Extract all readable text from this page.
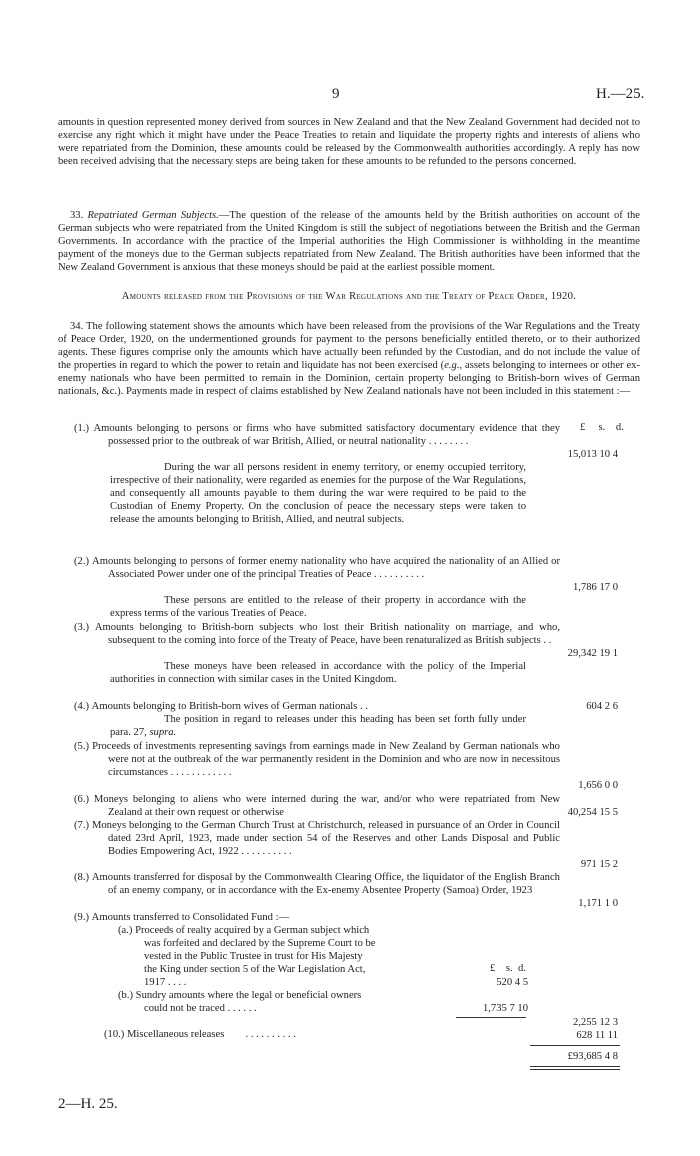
9	H.—25.

amounts in question represented money derived from sources in New Zealand and that the New Zealand Government had decided not to exercise any right which it might have under the Peace Treaties to retain and liquidate the property rights and interests of aliens who were repatriated from the Dominion, these amounts could be released by the Commonwealth authorities accordingly. A reply has now been received advising that the necessary steps are being taken for these amounts to be refunded to the persons concerned.

33. Repatriated German Subjects.—The question of the release of the amounts held by the British authorities on account of the German subjects who were repatriated from the United Kingdom is still the subject of negotiations between the British and the German Governments. In accordance with the practice of the Imperial authorities the High Commissioner is withholding in the meantime payment of the moneys due to the German subjects repatriated from New Zealand. The British authorities have been informed that the New Zealand Government is anxious that these moneys should be paid at the earliest possible moment.

Amounts released from the Provisions of the War Regulations and the Treaty of Peace Order, 1920.

34. The following statement shows the amounts which have been released from the provisions of the War Regulations and the Treaty of Peace Order, 1920, on the undermentioned grounds for payment to the persons beneficially entitled thereto, or to their authorized agents. These figures comprise only the amounts which have actually been refunded by the Custodian, and do not include the value of the properties in regard to which the power to retain and liquidate has not been exercised (e.g., assets belonging to internees or other ex-enemy nationals who have been permitted to remain in the Dominion, certain property belonging to British-born wives of German nationals, &c.). Payments made in respect of claims established by New Zealand nationals have not been included in this statement :—

£ s. d.

(1.) Amounts belonging to persons or firms who have submitted satisfactory documentary evidence that they possessed prior to the outbreak of war British, Allied, or neutral nationality . . . . . . . .

15,013 10 4

During the war all persons resident in enemy territory, or enemy occupied territory, irrespective of their nationality, were regarded as enemies for the purpose of the War Regulations, and consequently all amounts payable to them during the war were required to be paid to the Custodian of Enemy Property. On the conclusion of peace the necessary steps were taken to release the amounts belonging to British, Allied, and neutral subjects.

(2.) Amounts belonging to persons of former enemy nationality who have acquired the nationality of an Allied or Associated Power under one of the principal Treaties of Peace . . . . . . . . . .

1,786 17 0

These persons are entitled to the release of their property in accordance with the express terms of the various Treaties of Peace.

(3.) Amounts belonging to British-born subjects who lost their British nationality on marriage, and who, subsequent to the coming into force of the Treaty of Peace, have been renaturalized as British subjects . .

29,342 19 1

These moneys have been released in accordance with the policy of the Imperial authorities in connection with similar cases in the United Kingdom.

(4.) Amounts belonging to British-born wives of German nationals . .	604 2 6

The position in regard to releases under this heading has been set forth fully under para. 27, supra.

(5.) Proceeds of investments representing savings from earnings made in New Zealand by German nationals who were not at the outbreak of the war permanently resident in the Dominion and who are now in necessitous circumstances . . . . . . . . . . . .

1,656 0 0

(6.) Moneys belonging to aliens who were interned during the war, and/or who were repatriated from New Zealand at their own request or otherwise	40,254 15 5

(7.) Moneys belonging to the German Church Trust at Christchurch, released in pursuance of an Order in Council dated 23rd April, 1923, made under section 54 of the Reserves and other Lands Disposal and Public Bodies Empowering Act, 1922 . . . . . . . . . .

971 15 2

(8.) Amounts transferred for disposal by the Commonwealth Clearing Office, the liquidator of the English Branch of an enemy company, or in accordance with the Ex-enemy Absentee Property (Samoa) Order, 1923

1,171 1 0

(9.) Amounts transferred to Consolidated Fund :—

(a.) Proceeds of realty acquired by a German subject which was forfeited and declared by the Supreme Court to be vested in the Public Trustee in trust for His Majesty the King under section 5 of the War Legislation Act, 1917 . . . .

£ s. d.
520 4 5

(b.) Sundry amounts where the legal or beneficial owners could not be traced . . . . . .	1,735 7 10
2,255 12 3
(10.) Miscellaneous releases . . . . . . . . . .	628 11 11
£93,685 4 8
2—H. 25.
